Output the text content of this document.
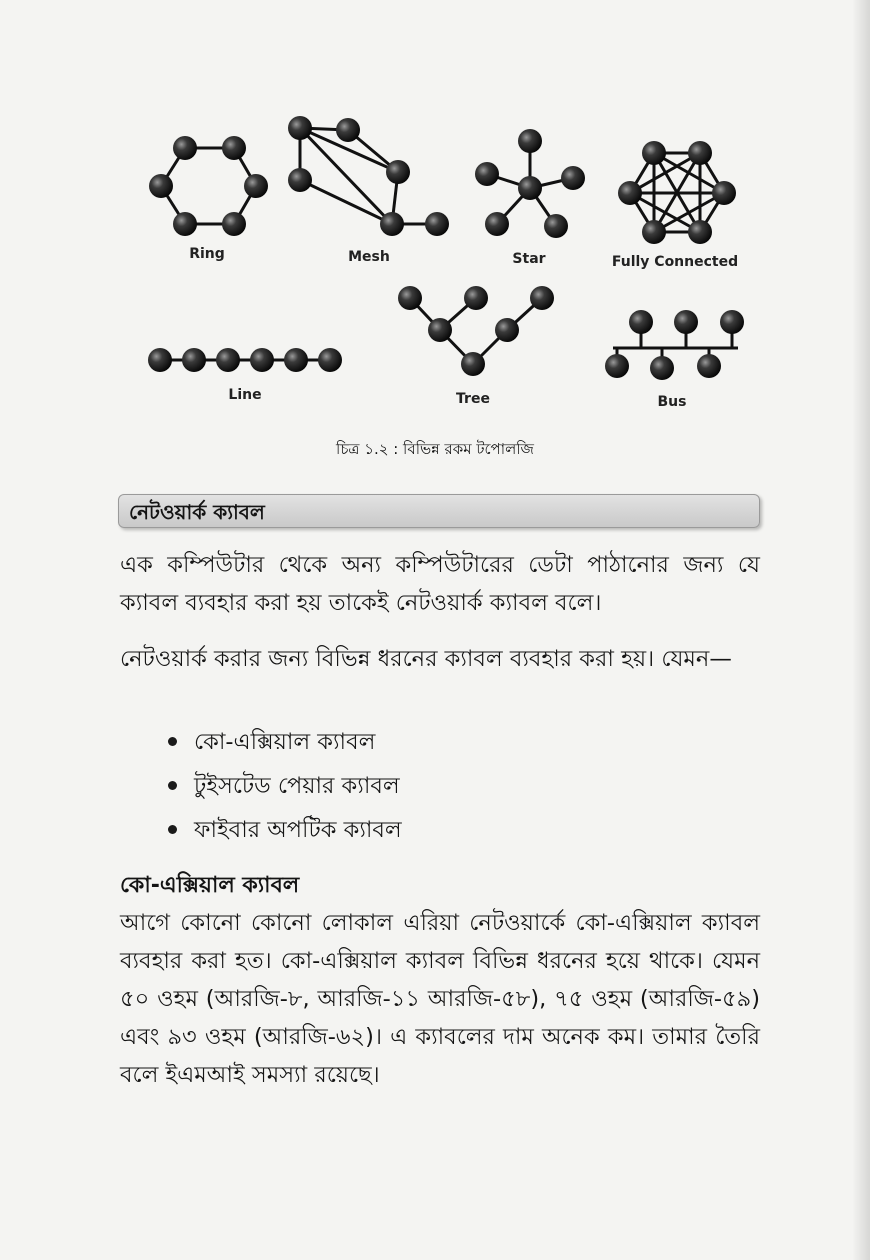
Ring	Mesh	Star	Fully Connected
Line	Tree	Bus
চিত্র ১.২ : বিভিন্ন রকম টপোলজি
নেটওয়ার্ক ক্যাবল
এক কম্পিউটার থেকে অন্য কম্পিউটারের ডেটা পাঠানোর জন্য যে ক্যাবল ব্যবহার করা হয় তাকেই নেটওয়ার্ক ক্যাবল বলে।
নেটওয়ার্ক করার জন্য বিভিন্ন ধরনের ক্যাবল ব্যবহার করা হয়। যেমন—
কো-এক্সিয়াল ক্যাবল
টুইসটেড পেয়ার ক্যাবল
ফাইবার অপটিক ক্যাবল
কো-এক্সিয়াল ক্যাবল
আগে কোনো কোনো লোকাল এরিয়া নেটওয়ার্কে কো-এক্সিয়াল ক্যাবল ব্যবহার করা হত। কো-এক্সিয়াল ক্যাবল বিভিন্ন ধরনের হয়ে থাকে। যেমন ৫০ ওহম (আরজি-৮, আরজি-১১ আরজি-৫৮), ৭৫ ওহম (আরজি-৫৯) এবং ৯৩ ওহম (আরজি-৬২)। এ ক্যাবলের দাম অনেক কম। তামার তৈরি বলে ইএমআই সমস্যা রয়েছে।
